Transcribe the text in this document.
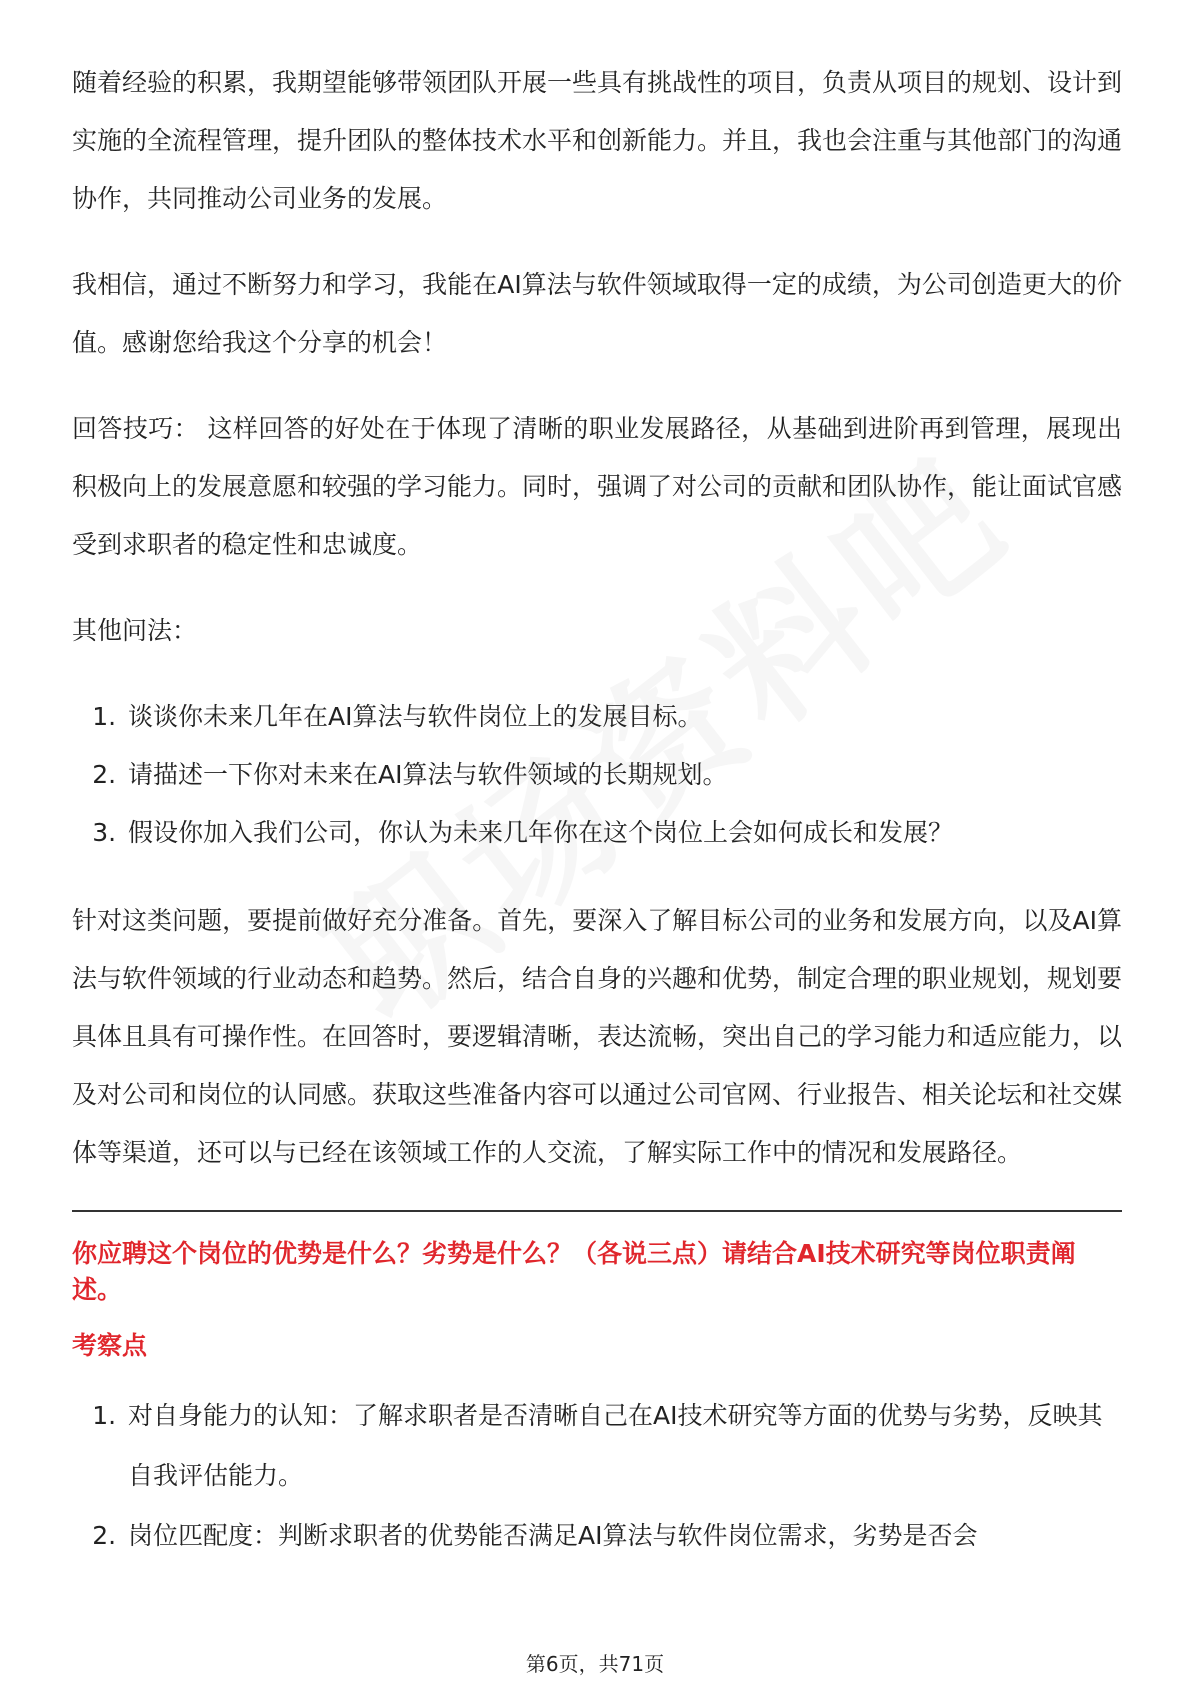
随着经验的积累，我期望能够带领团队开展一些具有挑战性的项目，负责从项目的规划、设计到实施的全流程管理，提升团队的整体技术水平和创新能力。并且，我也会注重与其他部门的沟通协作，共同推动公司业务的发展。

我相信，通过不断努力和学习，我能在AI算法与软件领域取得一定的成绩，为公司创造更大的价值。感谢您给我这个分享的机会！

回答技巧： 这样回答的好处在于体现了清晰的职业发展路径，从基础到进阶再到管理，展现出积极向上的发展意愿和较强的学习能力。同时，强调了对公司的贡献和团队协作，能让面试官感受到求职者的稳定性和忠诚度。

其他问法：

1. 谈谈你未来几年在AI算法与软件岗位上的发展目标。
2. 请描述一下你对未来在AI算法与软件领域的长期规划。
3. 假设你加入我们公司，你认为未来几年你在这个岗位上会如何成长和发展？

针对这类问题，要提前做好充分准备。首先，要深入了解目标公司的业务和发展方向，以及AI算法与软件领域的行业动态和趋势。然后，结合自身的兴趣和优势，制定合理的职业规划，规划要具体且具有可操作性。在回答时，要逻辑清晰，表达流畅，突出自己的学习能力和适应能力，以及对公司和岗位的认同感。获取这些准备内容可以通过公司官网、行业报告、相关论坛和社交媒体等渠道，还可以与已经在该领域工作的人交流，了解实际工作中的情况和发展路径。

你应聘这个岗位的优势是什么？劣势是什么？（各说三点）请结合AI技术研究等岗位职责阐述。
考察点
1. 对自身能力的认知：了解求职者是否清晰自己在AI技术研究等方面的优势与劣势，反映其自我评估能力。
2. 岗位匹配度：判断求职者的优势能否满足AI算法与软件岗位需求，劣势是否会
第6页，共71页
